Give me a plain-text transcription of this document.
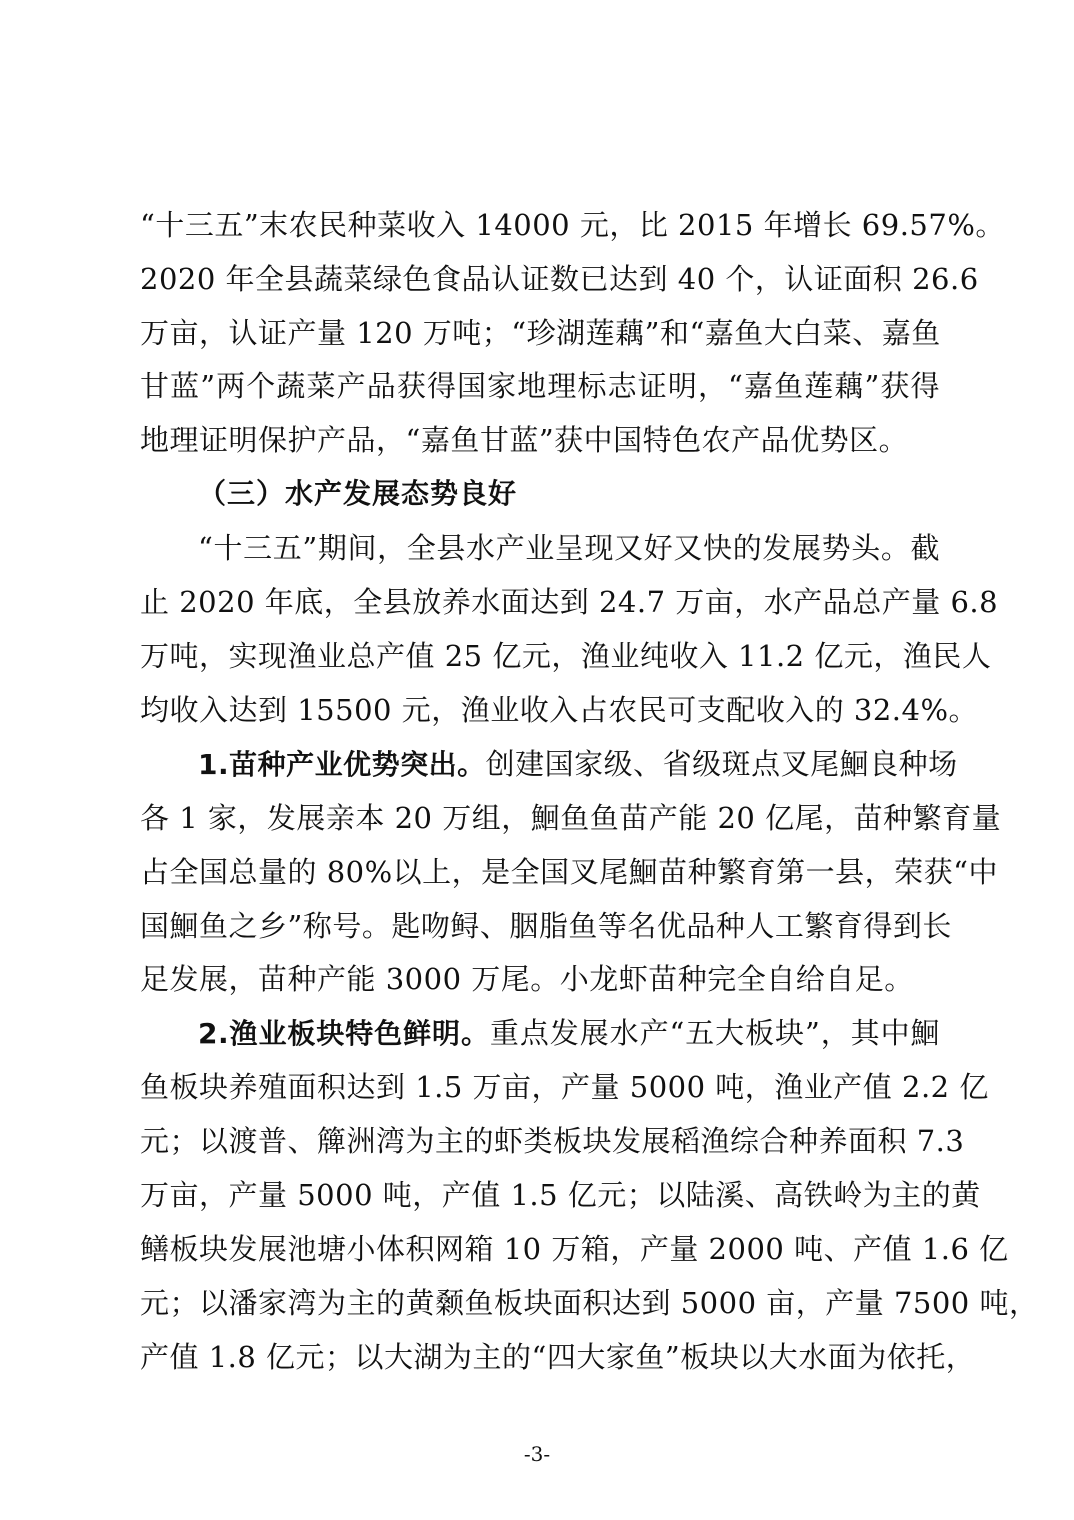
“十三五”末农民种菜收入 14000 元，比 2015 年增长 69.57%。
2020 年全县蔬菜绿色食品认证数已达到 40 个，认证面积 26.6
万亩，认证产量 120 万吨；“珍湖莲藕”和“嘉鱼大白菜、嘉鱼
甘蓝”两个蔬菜产品获得国家地理标志证明，“嘉鱼莲藕”获得
地理证明保护产品，“嘉鱼甘蓝”获中国特色农产品优势区。
（三）水产发展态势良好
“十三五”期间，全县水产业呈现又好又快的发展势头。截
止 2020 年底，全县放养水面达到 24.7 万亩，水产品总产量 6.8
万吨，实现渔业总产值 25 亿元，渔业纯收入 11.2 亿元，渔民人
均收入达到 15500 元，渔业收入占农民可支配收入的 32.4%。
1.苗种产业优势突出。创建国家级、省级斑点叉尾鮰良种场
各 1 家，发展亲本 20 万组，鮰鱼鱼苗产能 20 亿尾，苗种繁育量
占全国总量的 80%以上，是全国叉尾鮰苗种繁育第一县，荣获“中
国鮰鱼之乡”称号。匙吻鲟、胭脂鱼等名优品种人工繁育得到长
足发展，苗种产能 3000 万尾。小龙虾苗种完全自给自足。
2.渔业板块特色鲜明。重点发展水产“五大板块”，其中鮰
鱼板块养殖面积达到 1.5 万亩，产量 5000 吨，渔业产值 2.2 亿
元；以渡普、簰洲湾为主的虾类板块发展稻渔综合种养面积 7.3
万亩，产量 5000 吨，产值 1.5 亿元；以陆溪、高铁岭为主的黄
鳝板块发展池塘小体积网箱 10 万箱，产量 2000 吨、产值 1.6 亿
元；以潘家湾为主的黄颡鱼板块面积达到 5000 亩，产量 7500 吨，
产值 1.8 亿元；以大湖为主的“四大家鱼”板块以大水面为依托，
-3-
